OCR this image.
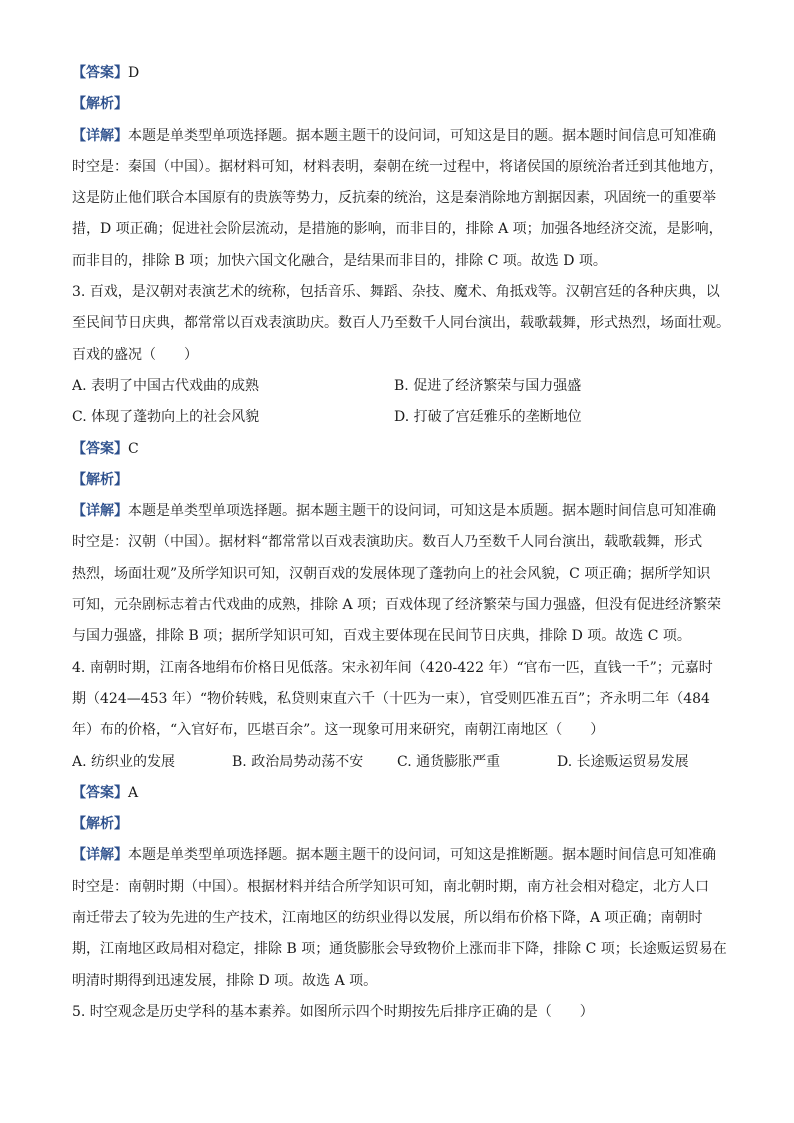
【答案】D
【解析】
【详解】本题是单类型单项选择题。据本题主题干的设问词，可知这是目的题。据本题时间信息可知准确
时空是：秦国（中国）。据材料可知，材料表明，秦朝在统一过程中，将诸侯国的原统治者迁到其他地方，
这是防止他们联合本国原有的贵族等势力，反抗秦的统治，这是秦消除地方割据因素，巩固统一的重要举
措，D 项正确；促进社会阶层流动，是措施的影响，而非目的，排除 A 项；加强各地经济交流，是影响，
而非目的，排除 B 项；加快六国文化融合，是结果而非目的，排除 C 项。故选 D 项。
3. 百戏，是汉朝对表演艺术的统称，包括音乐、舞蹈、杂技、魔术、角抵戏等。汉朝宫廷的各种庆典，以
至民间节日庆典，都常常以百戏表演助庆。数百人乃至数千人同台演出，载歌载舞，形式热烈，场面壮观。
百戏的盛况（　　）
A. 表明了中国古代戏曲的成熟	B. 促进了经济繁荣与国力强盛
C. 体现了蓬勃向上的社会风貌	D. 打破了宫廷雅乐的垄断地位
【答案】C
【解析】
【详解】本题是单类型单项选择题。据本题主题干的设问词，可知这是本质题。据本题时间信息可知准确
时空是：汉朝（中国）。据材料“都常常以百戏表演助庆。数百人乃至数千人同台演出，载歌载舞，形式
热烈，场面壮观”及所学知识可知，汉朝百戏的发展体现了蓬勃向上的社会风貌，C 项正确；据所学知识
可知，元杂剧标志着古代戏曲的成熟，排除 A 项；百戏体现了经济繁荣与国力强盛，但没有促进经济繁荣
与国力强盛，排除 B 项；据所学知识可知，百戏主要体现在民间节日庆典，排除 D 项。故选 C 项。
4. 南朝时期，江南各地绢布价格日见低落。宋永初年间（420-422 年）“官布一匹，直钱一千”；元嘉时
期（424—453 年）“物价转贱，私贷则束直六千（十匹为一束），官受则匹准五百”；齐永明二年（484
年）布的价格，“入官好布，匹堪百余”。这一现象可用来研究，南朝江南地区（　　）
A. 纺织业的发展	B. 政治局势动荡不安	C. 通货膨胀严重	D. 长途贩运贸易发展
【答案】A
【解析】
【详解】本题是单类型单项选择题。据本题主题干的设问词，可知这是推断题。据本题时间信息可知准确
时空是：南朝时期（中国）。根据材料并结合所学知识可知，南北朝时期，南方社会相对稳定，北方人口
南迁带去了较为先进的生产技术，江南地区的纺织业得以发展，所以绢布价格下降，A 项正确；南朝时
期，江南地区政局相对稳定，排除 B 项；通货膨胀会导致物价上涨而非下降，排除 C 项；长途贩运贸易在
明清时期得到迅速发展，排除 D 项。故选 A 项。
5. 时空观念是历史学科的基本素养。如图所示四个时期按先后排序正确的是（　　）
